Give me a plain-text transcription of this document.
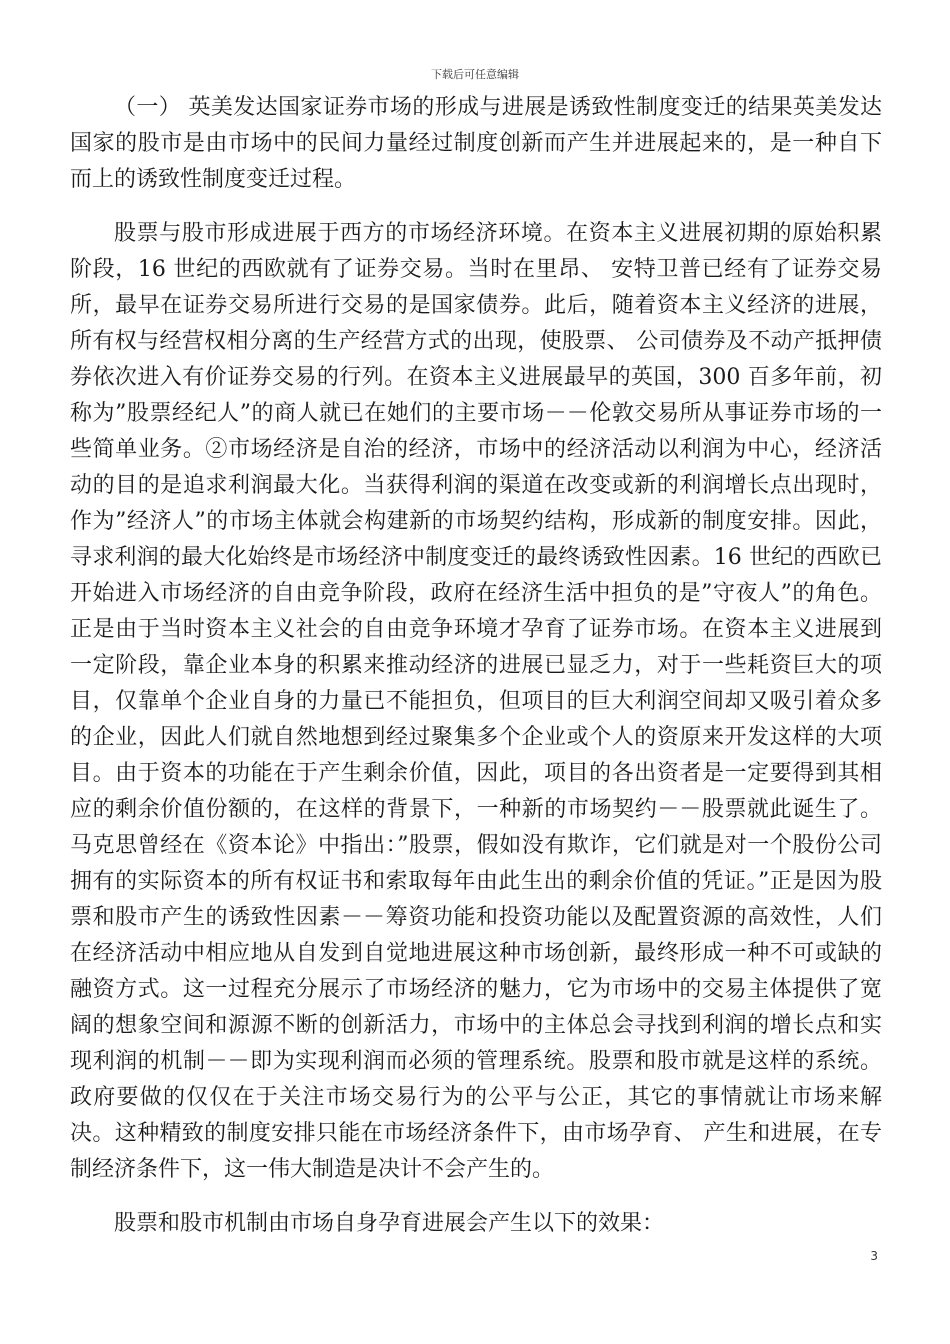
下载后可任意编辑

（一） 英美发达国家证券市场的形成与进展是诱致性制度变迁的结果英美发达国家的股市是由市场中的民间力量经过制度创新而产生并进展起来的，是一种自下而上的诱致性制度变迁过程。

股票与股市形成进展于西方的市场经济环境。在资本主义进展初期的原始积累阶段，16 世纪的西欧就有了证券交易。当时在里昂、 安特卫普已经有了证券交易所，最早在证券交易所进行交易的是国家债券。此后，随着资本主义经济的进展，所有权与经营权相分离的生产经营方式的出现，使股票、 公司债券及不动产抵押债券依次进入有价证券交易的行列。在资本主义进展最早的英国，300 百多年前，初称为”股票经纪人”的商人就已在她们的主要市场－－伦敦交易所从事证券市场的一些简单业务。②市场经济是自治的经济，市场中的经济活动以利润为中心，经济活动的目的是追求利润最大化。当获得利润的渠道在改变或新的利润增长点出现时，作为”经济人”的市场主体就会构建新的市场契约结构，形成新的制度安排。因此，寻求利润的最大化始终是市场经济中制度变迁的最终诱致性因素。16 世纪的西欧已开始进入市场经济的自由竞争阶段，政府在经济生活中担负的是”守夜人”的角色。正是由于当时资本主义社会的自由竞争环境才孕育了证券市场。在资本主义进展到一定阶段，靠企业本身的积累来推动经济的进展已显乏力，对于一些耗资巨大的项目，仅靠单个企业自身的力量已不能担负，但项目的巨大利润空间却又吸引着众多的企业，因此人们就自然地想到经过聚集多个企业或个人的资原来开发这样的大项目。由于资本的功能在于产生剩余价值，因此，项目的各出资者是一定要得到其相应的剩余价值份额的，在这样的背景下，一种新的市场契约－－股票就此诞生了。马克思曾经在《资本论》中指出：”股票，假如没有欺诈，它们就是对一个股份公司拥有的实际资本的所有权证书和索取每年由此生出的剩余价值的凭证。”正是因为股票和股市产生的诱致性因素－－筹资功能和投资功能以及配置资源的高效性，人们在经济活动中相应地从自发到自觉地进展这种市场创新，最终形成一种不可或缺的融资方式。这一过程充分展示了市场经济的魅力，它为市场中的交易主体提供了宽阔的想象空间和源源不断的创新活力，市场中的主体总会寻找到利润的增长点和实现利润的机制－－即为实现利润而必须的管理系统。股票和股市就是这样的系统。政府要做的仅仅在于关注市场交易行为的公平与公正，其它的事情就让市场来解决。这种精致的制度安排只能在市场经济条件下，由市场孕育、 产生和进展，在专制经济条件下，这一伟大制造是决计不会产生的。

股票和股市机制由市场自身孕育进展会产生以下的效果：

3
